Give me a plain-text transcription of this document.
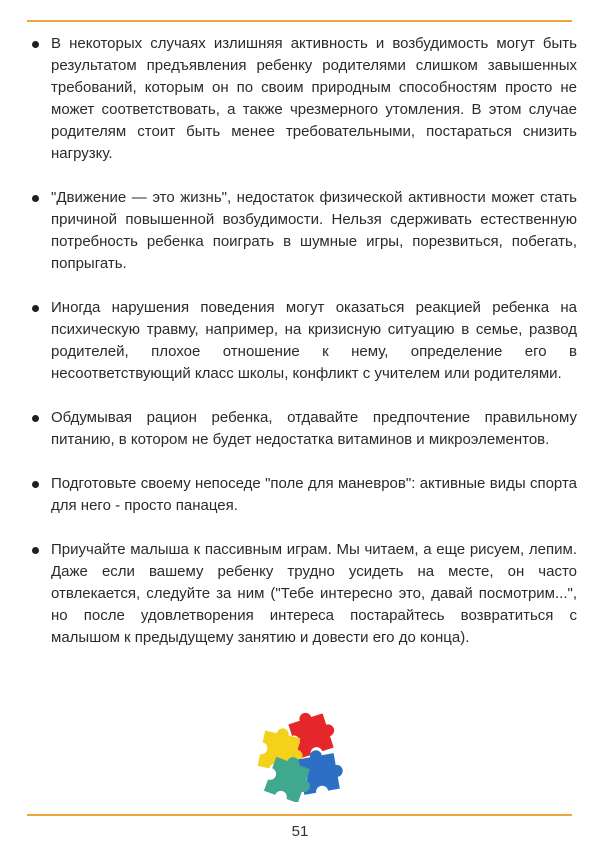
В некоторых случаях излишняя активность и возбудимость могут быть результатом предъявления ребенку родителями слишком завышенных требований, которым он по своим природным способностям просто не может соответствовать, а также чрезмерного утомления. В этом случае родителям стоит быть менее требовательными, постараться снизить нагрузку.
"Движение — это жизнь", недостаток физической активности может стать причиной повышенной возбудимости. Нельзя сдерживать естественную потребность ребенка поиграть в шумные игры, порезвиться, побегать, попрыгать.
Иногда нарушения поведения могут оказаться реакцией ребенка на психическую травму, например, на кризисную ситуацию в семье, развод родителей, плохое отношение к нему, определение его в несоответствующий класс школы, конфликт с учителем или родителями.
Обдумывая рацион ребенка, отдавайте предпочтение правильному питанию, в котором не будет недостатка витаминов и микроэлементов.
Подготовьте своему непоседе "поле для маневров": активные виды спорта для него - просто панацея.
Приучайте малыша к пассивным играм. Мы читаем, а еще рисуем, лепим. Даже если вашему ребенку трудно усидеть на месте, он часто отвлекается, следуйте за ним ("Тебе интересно это, давай посмотрим...", но после удовлетворения интереса постарайтесь возвратиться с малышом к предыдущему занятию и довести его до конца).
51
